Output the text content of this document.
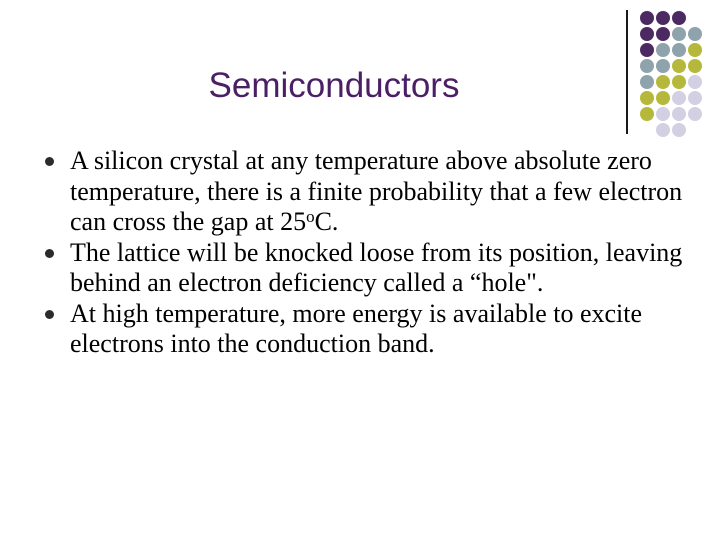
Semiconductors
A silicon crystal at any temperature above absolute zero temperature, there is a finite probability that a few electron can cross the gap at 25$^o$C.
The lattice will be knocked loose from its position, leaving behind an electron deficiency called a “hole".
At high temperature, more energy is available to excite electrons into the conduction band.
